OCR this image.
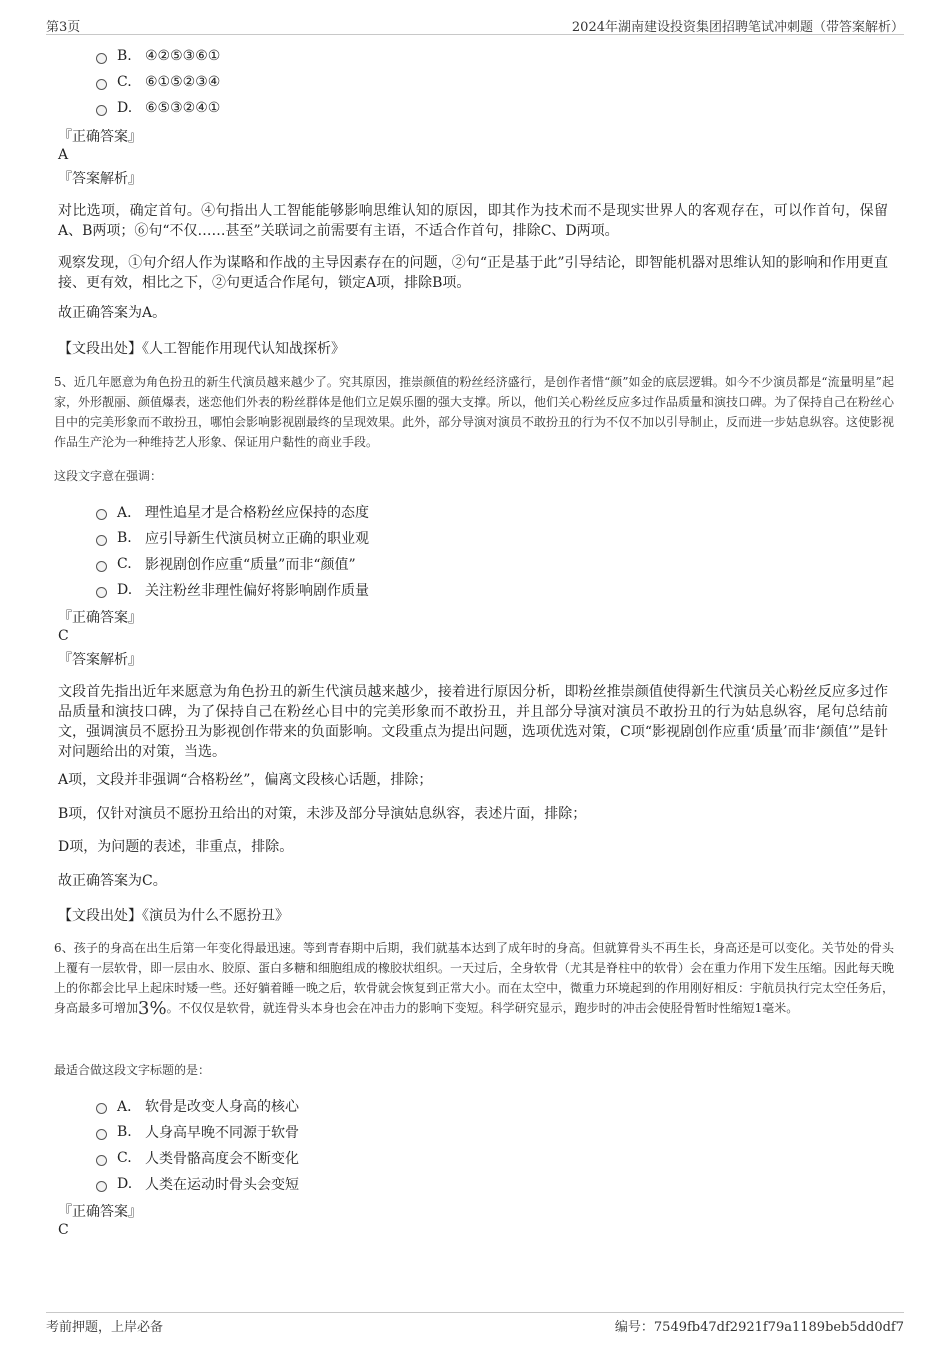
第3页	2024年湖南建设投资集团招聘笔试冲刺题（带答案解析）
B. ④②⑤③⑥①
C. ⑥①⑤②③④
D. ⑥⑤③②④①
『正确答案』
A
『答案解析』
对比选项，确定首句。④句指出人工智能能够影响思维认知的原因，即其作为技术而不是现实世界人的客观存在，可以作首句，保留A、B两项；⑥句“不仅……甚至”关联词之前需要有主语，不适合作首句，排除C、D两项。
观察发现，①句介绍人作为谋略和作战的主导因素存在的问题，②句“正是基于此”引导结论，即智能机器对思维认知的影响和作用更直接、更有效，相比之下，②句更适合作尾句，锁定A项，排除B项。
故正确答案为A。
【文段出处】《人工智能作用现代认知战探析》
5、近几年愿意为角色扮丑的新生代演员越来越少了。究其原因，推崇颜值的粉丝经济盛行，是创作者惜“颜”如金的底层逻辑。如今不少演员都是“流量明星”起家，外形靓丽、颜值爆表，迷恋他们外表的粉丝群体是他们立足娱乐圈的强大支撑。所以，他们关心粉丝反应多过作品质量和演技口碑。为了保持自己在粉丝心目中的完美形象而不敢扮丑，哪怕会影响影视剧最终的呈现效果。此外，部分导演对演员不敢扮丑的行为不仅不加以引导制止，反而进一步姑息纵容。这使影视作品生产沦为一种维持艺人形象、保证用户黏性的商业手段。
这段文字意在强调：
A． 理性追星才是合格粉丝应保持的态度
B. 应引导新生代演员树立正确的职业观
C. 影视剧创作应重“质量”而非“颜值”
D. 关注粉丝非理性偏好将影响剧作质量
『正确答案』
C
『答案解析』
文段首先指出近年来愿意为角色扮丑的新生代演员越来越少，接着进行原因分析，即粉丝推崇颜值使得新生代演员关心粉丝反应多过作品质量和演技口碑，为了保持自己在粉丝心目中的完美形象而不敢扮丑，并且部分导演对演员不敢扮丑的行为姑息纵容，尾句总结前文，强调演员不愿扮丑为影视创作带来的负面影响。文段重点为提出问题，选项优选对策，C项“影视剧创作应重‘质量’而非‘颜值’”是针对问题给出的对策，当选。
A项，文段并非强调“合格粉丝”，偏离文段核心话题，排除；
B项，仅针对演员不愿扮丑给出的对策，未涉及部分导演姑息纵容，表述片面，排除；
D项，为问题的表述，非重点，排除。
故正确答案为C。
【文段出处】《演员为什么不愿扮丑》
6、孩子的身高在出生后第一年变化得最迅速。等到青春期中后期，我们就基本达到了成年时的身高。但就算骨头不再生长，身高还是可以变化。关节处的骨头上覆有一层软骨，即一层由水、胶原、蛋白多糖和细胞组成的橡胶状组织。一天过后，全身软骨（尤其是脊柱中的软骨）会在重力作用下发生压缩。因此每天晚上的你都会比早上起床时矮一些。还好躺着睡一晚之后，软骨就会恢复到正常大小。而在太空中，微重力环境起到的作用刚好相反：宇航员执行完太空任务后，身高最多可增加3%。不仅仅是软骨，就连骨头本身也会在冲击力的影响下变短。科学研究显示，跑步时的冲击会使胫骨暂时性缩短1毫米。
最适合做这段文字标题的是：
A． 软骨是改变人身高的核心
B. 人身高早晚不同源于软骨
C. 人类骨骼高度会不断变化
D. 人类在运动时骨头会变短
『正确答案』
C
考前押题，上岸必备	编号：7549fb47df2921f79a1189beb5dd0df7
